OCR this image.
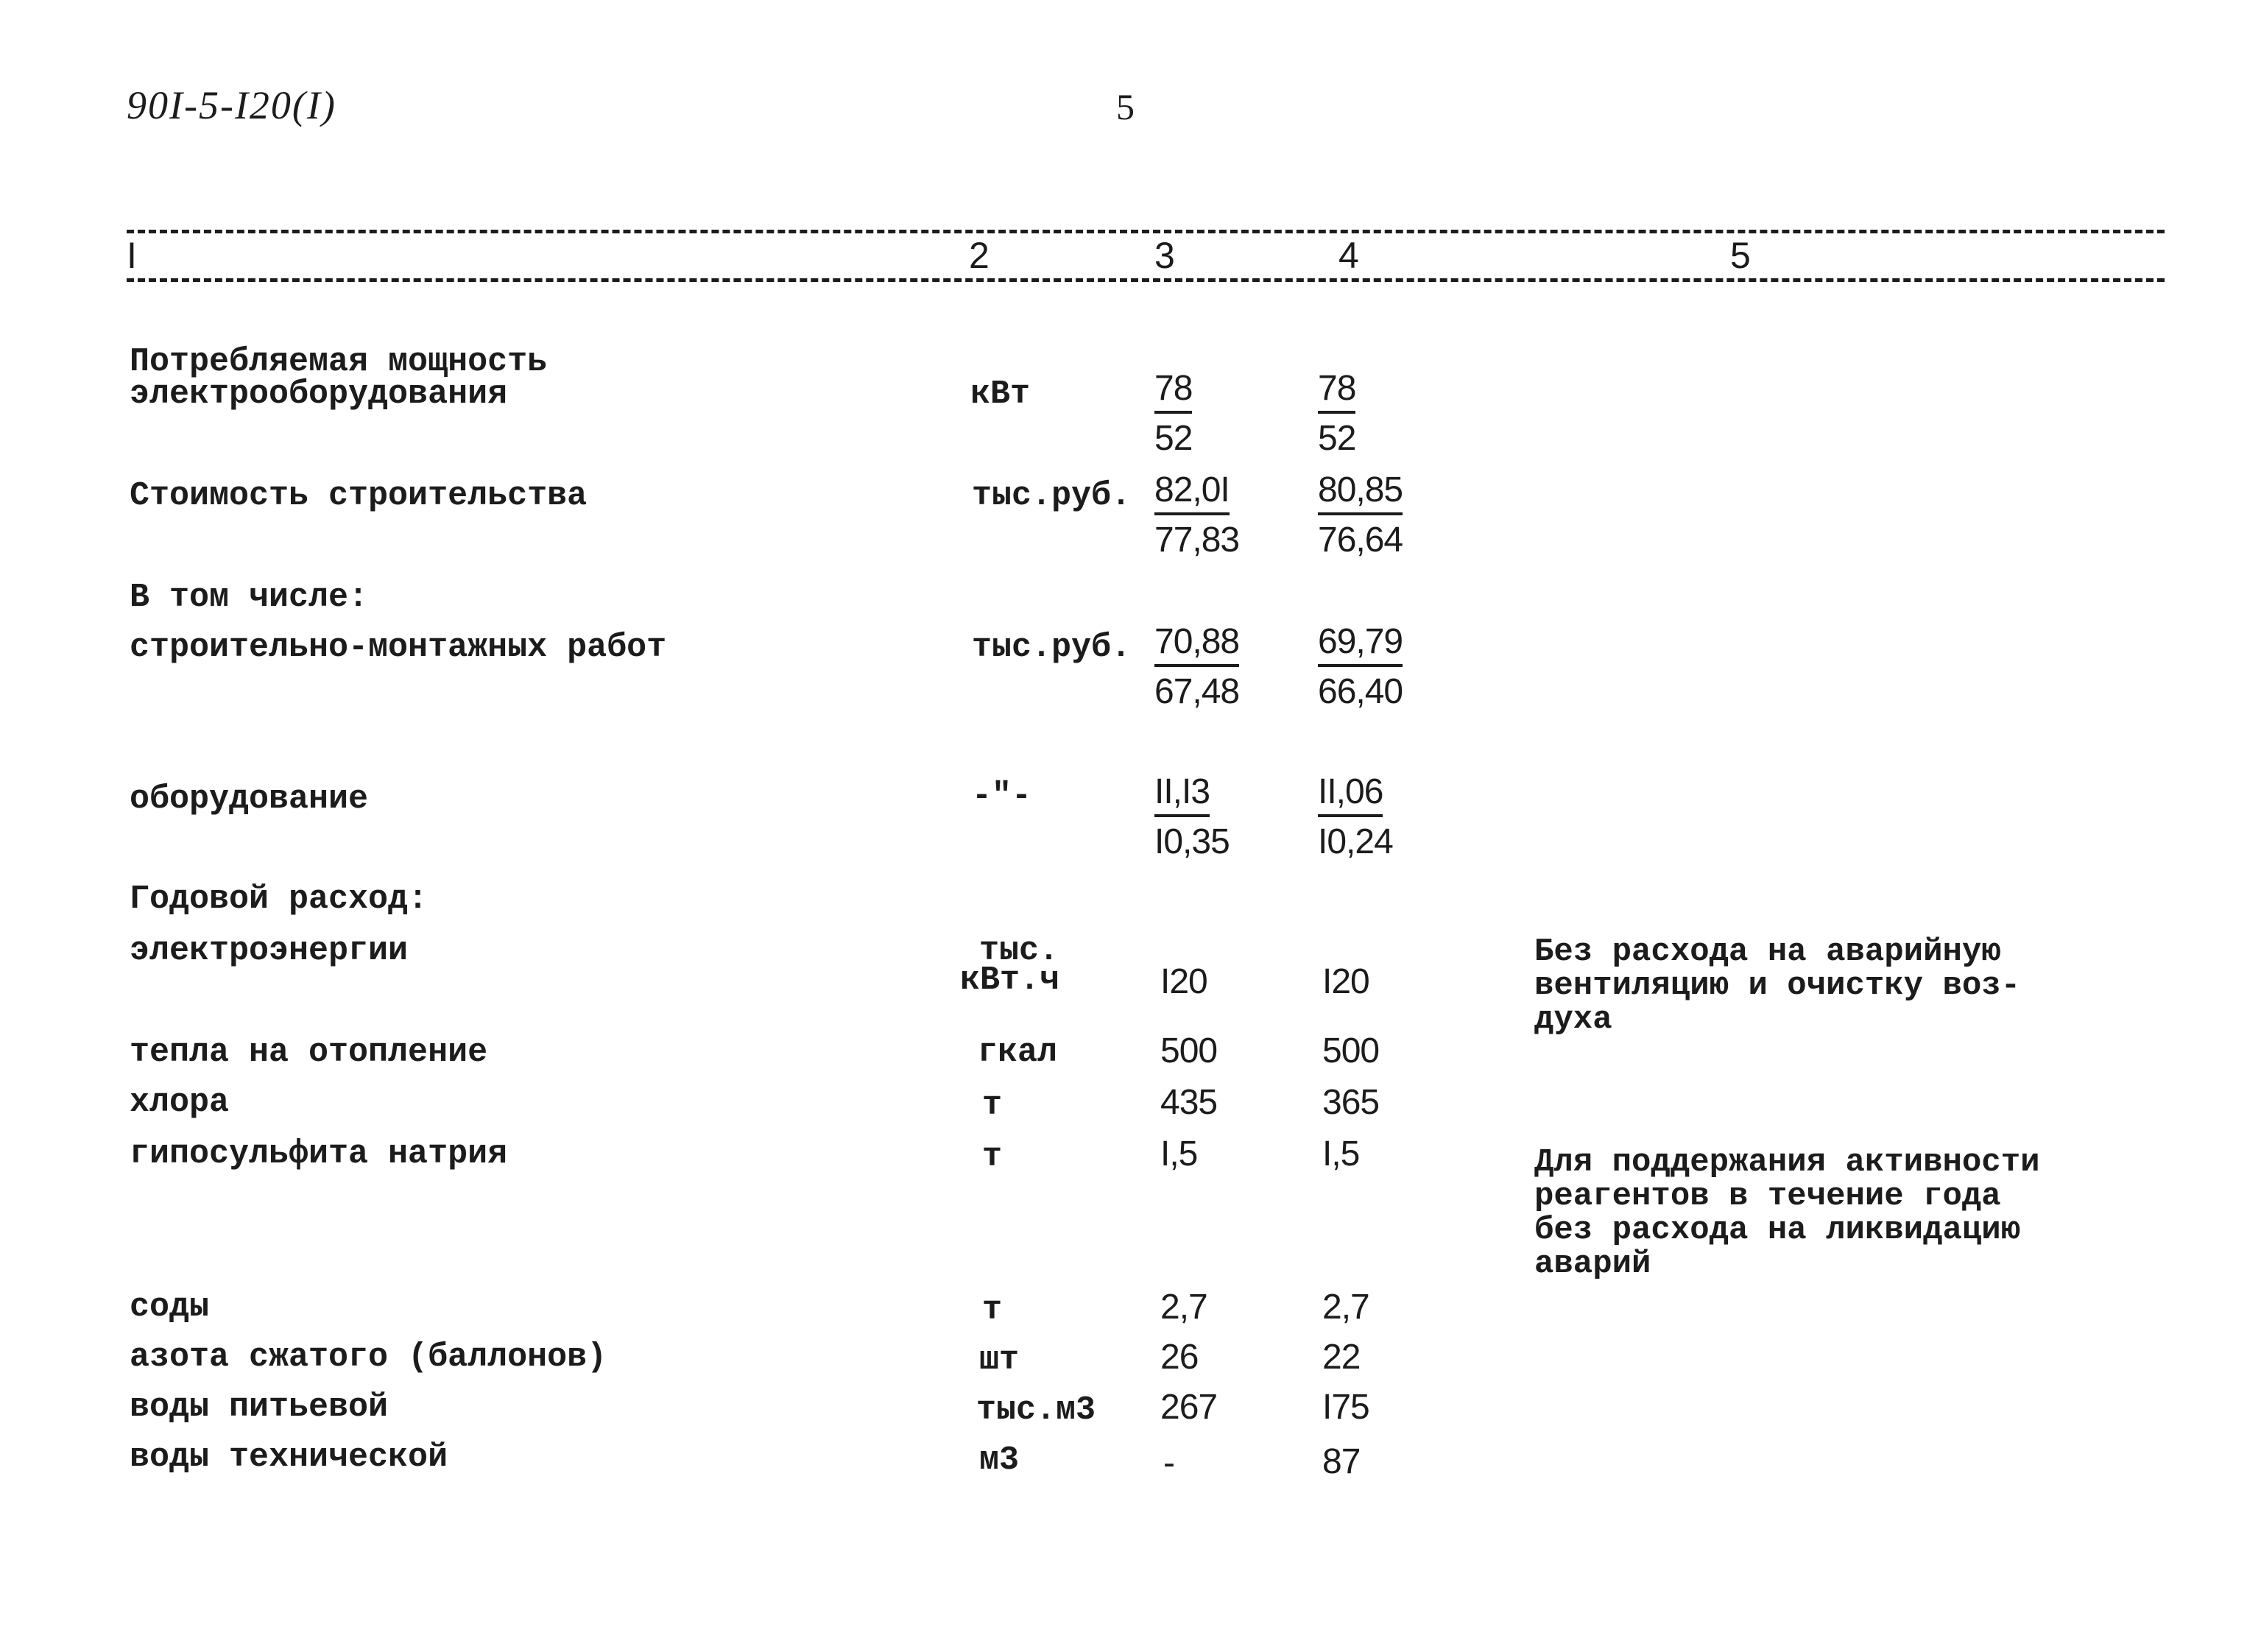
90I-5-I20(I)	5
I	2	3	4	5
Потребляемая мощность
электрооборудования	кВт	$\frac{78}{52}$	$\frac{78}{52}$
Стоимость строительства	тыс.руб. $\frac{82,0I}{77,83} \frac{80,85}{76,64}$
В том числе:
строительно-монтажных работ	тыс.руб. $\frac{70,88}{67,48} \frac{69,79}{66,40}$
оборудование	-"-	$\frac{II,I3}{I0,35}$	$\frac{II,06}{I0,24}$
Годовой расход:
электроэнергии	тыс.
кВт.ч	I20	I20
Без расхода на аварийную
вентиляцию и очистку воз-
духа
тепла на отопление	гкал	500	500
хлора	т	435	365
гипосульфита натрия	т	I,5	I,5	Для поддержания активности
реагентов в течение года
без расхода на ликвидацию
аварий
соды	т	2,7	2,7
азота сжатого (баллонов)	шт	26	22
воды питьевой	тыс.м3 267	I75
воды технической	м3	-	87
